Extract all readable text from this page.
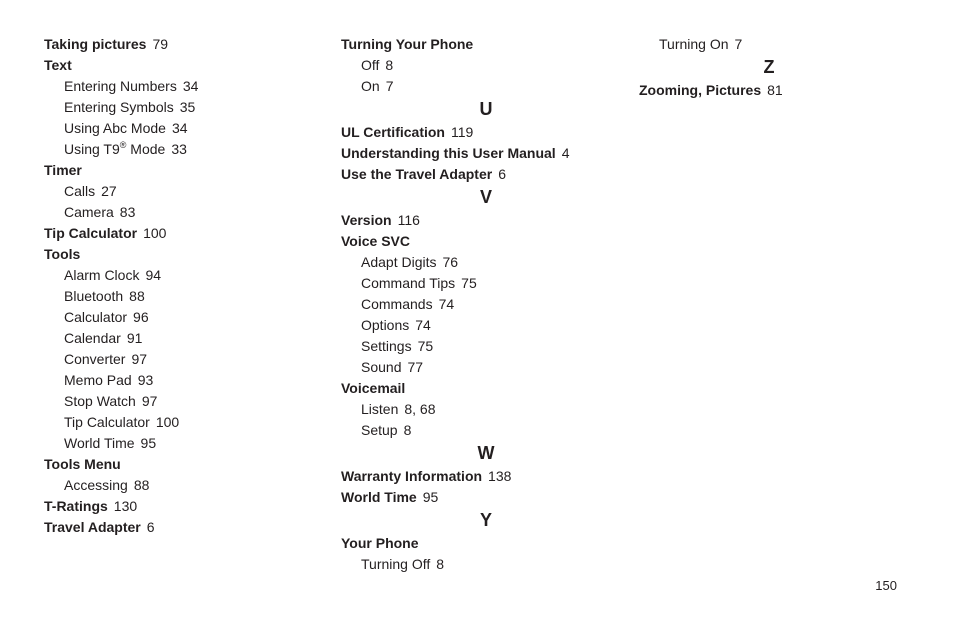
Taking pictures 79
Text
Entering Numbers 34
Entering Symbols 35
Using Abc Mode 34
Using T9® Mode 33
Timer
Calls 27
Camera 83
Tip Calculator 100
Tools
Alarm Clock 94
Bluetooth 88
Calculator 96
Calendar 91
Converter 97
Memo Pad 93
Stop Watch 97
Tip Calculator 100
World Time 95
Tools Menu
Accessing 88
T-Ratings 130
Travel Adapter 6
Turning Your Phone
Off 8
On 7
U
UL Certification 119
Understanding this User Manual 4
Use the Travel Adapter 6
V
Version 116
Voice SVC
Adapt Digits 76
Command Tips 75
Commands 74
Options 74
Settings 75
Sound 77
Voicemail
Listen 8, 68
Setup 8
W
Warranty Information 138
World Time 95
Y
Your Phone
Turning Off 8
Turning On 7
Z
Zooming, Pictures 81
150
